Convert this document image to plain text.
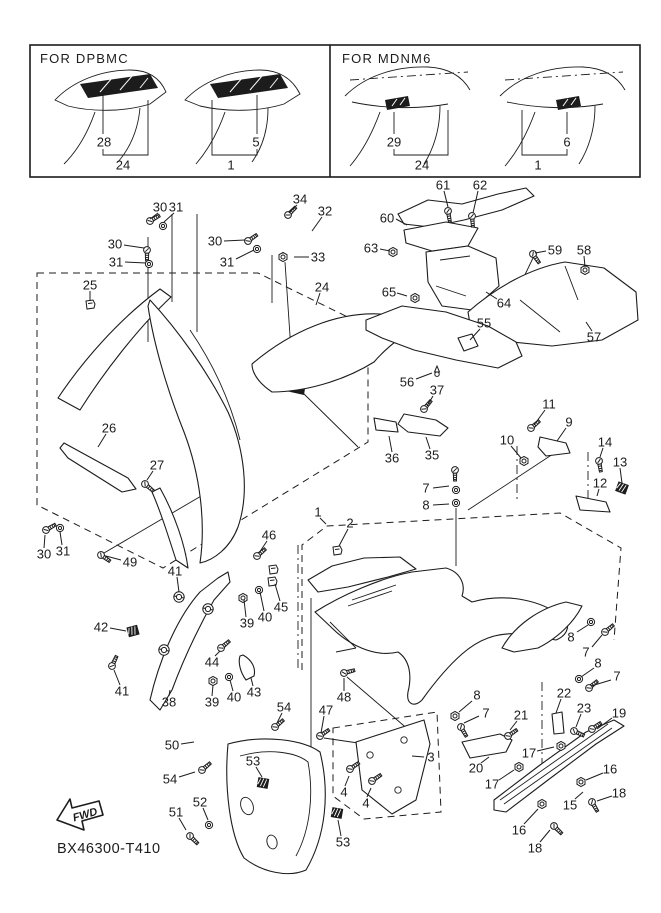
FOR DPBMC	FOR MDNM6
30 31
34
32
30
31
30
31	33
61 62
60
63	59 58
25	65
24
64
55
57
56
37
26
27	36 35
11
9
10	14
13
12
7
8
1
2
30 31
49
41
46
45
40
39
42
44
43
41
38 39 40
8
7
8
7
48
47
54
8
7
22
21	23 19
50
53	3
54
17
20	16
17
4
52	4	15
18
51
16
53	18
28
24
5
1
29
24
6
1
FWD
BX46300-T410
